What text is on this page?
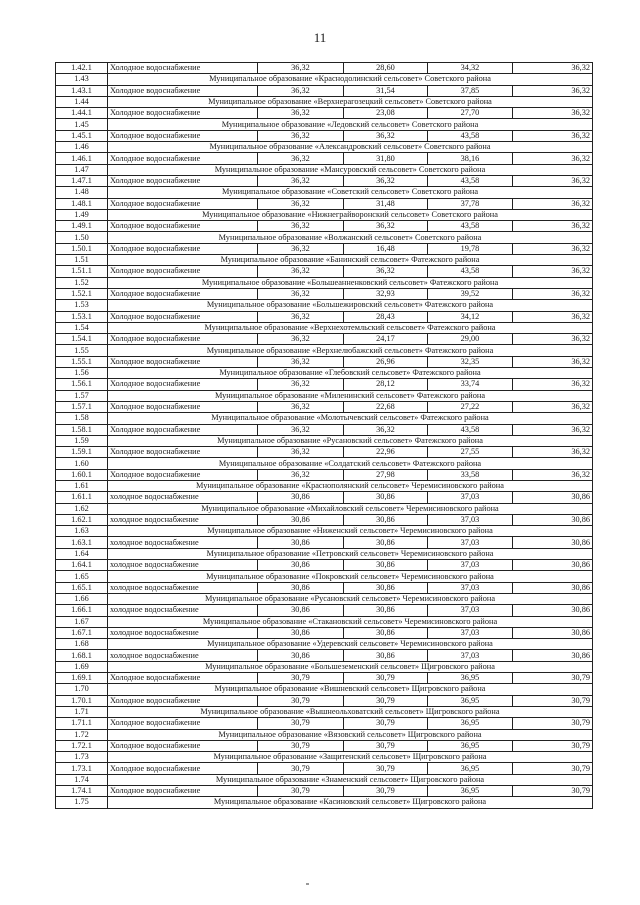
11
1.42.1	Холодное водоснабжение	36,32	28,60	34,32	36,32
1.43	Муниципальное образование «Краснодолинский сельсовет» Советского района				
1.43.1	Холодное водоснабжение	36,32	31,54	37,85	36,32
1.44	Муниципальное образование «Верхнерагозецкий сельсовет» Советского района				
1.44.1	Холодное водоснабжение	36,32	23,08	27,70	36,32
1.45	Муниципальное образование «Ледовский сельсовет» Советского района				
1.45.1	Холодное водоснабжение	36,32	36,32	43,58	36,32
1.46	Муниципальное образование «Александровский сельсовет» Советского района				
1.46.1	Холодное водоснабжение	36,32	31,80	38,16	36,32
1.47	Муниципальное образование «Мансуровский сельсовет» Советского района				
1.47.1	Холодное водоснабжение	36,32	36,32	43,58	36,32
1.48	Муниципальное образование «Советский сельсовет» Советского района				
1.48.1	Холодное водоснабжение	36,32	31,48	37,78	36,32
1.49	Муниципальное образование «Нижнеграйворонский сельсовет» Советского района				
1.49.1	Холодное водоснабжение	36,32	36,32	43,58	36,32
1.50	Муниципальное образование «Волжанский сельсовет» Советского района				
1.50.1	Холодное водоснабжение	36,32	16,48	19,78	36,32
1.51	Муниципальное образование «Банинский сельсовет» Фатежского района				
1.51.1	Холодное водоснабжение	36,32	36,32	43,58	36,32
1.52	Муниципальное образование «Большеанненковский сельсовет» Фатежского района				
1.52.1	Холодное водоснабжение	36,32	32,93	39,52	36,32
1.53	Муниципальное образование «Большежировский сельсовет» Фатежского района				
1.53.1	Холодное водоснабжение	36,32	28,43	34,12	36,32
1.54	Муниципальное образование «Верхнехотемльский сельсовет» Фатежского района				
1.54.1	Холодное водоснабжение	36,32	24,17	29,00	36,32
1.55	Муниципальное образование «Верхнелюбажский сельсовет» Фатежского района				
1.55.1	Холодное водоснабжение	36,32	26,96	32,35	36,32
1.56	Муниципальное образование «Глебовский сельсовет» Фатежского района				
1.56.1	Холодное водоснабжение	36,32	28,12	33,74	36,32
1.57	Муниципальное образование «Миленинский сельсовет» Фатежского района				
1.57.1	Холодное водоснабжение	36,32	22,68	27,22	36,32
1.58	Муниципальное образование «Молотычевский сельсовет» Фатежского района				
1.58.1	Холодное водоснабжение	36,32	36,32	43,58	36,32
1.59	Муниципальное образование «Русановский сельсовет» Фатежского района				
1.59.1	Холодное водоснабжение	36,32	22,96	27,55	36,32
1.60	Муниципальное образование «Солдатский сельсовет» Фатежского района				
1.60.1	Холодное водоснабжение	36,32	27,98	33,58	36,32
1.61	Муниципальное образование «Краснополянский сельсовет» Черемисиновского района				
1.61.1	холодное водоснабжение	30,86	30,86	37,03	30,86
1.62	Муниципальное образование «Михайловский сельсовет» Черемисиновского района				
1.62.1	холодное водоснабжение	30,86	30,86	37,03	30,86
1.63	Муниципальное образование «Ниженский сельсовет» Черемисиновского района				
1.63.1	холодное водоснабжение	30,86	30,86	37,03	30,86
1.64	Муниципальное образование «Петровский сельсовет» Черемисиновского района				
1.64.1	холодное водоснабжение	30,86	30,86	37,03	30,86
1.65	Муниципальное образование «Покровский сельсовет» Черемисиновского района				
1.65.1	холодное водоснабжение	30,86	30,86	37,03	30,86
1.66	Муниципальное образование «Русановский сельсовет» Черемисиновского района				
1.66.1	холодное водоснабжение	30,86	30,86	37,03	30,86
1.67	Муниципальное образование «Стакановский сельсовет» Черемисиновского района				
1.67.1	холодное водоснабжение	30,86	30,86	37,03	30,86
1.68	Муниципальное образование «Удеревский сельсовет» Черемисиновского района				
1.68.1	холодное водоснабжение	30,86	30,86	37,03	30,86
1.69	Муниципальное образование «Большеземенский сельсовет» Щигровского района				
1.69.1	Холодное водоснабжение	30,79	30,79	36,95	30,79
1.70	Муниципальное образование «Вишневский сельсовет» Щигровского района				
1.70.1	Холодное водоснабжение	30,79	30,79	36,95	30,79
1.71	Муниципальное образование «Вышнеольховатский сельсовет» Щигровского района				
1.71.1	Холодное водоснабжение	30,79	30,79	36,95	30,79
1.72	Муниципальное образование «Вязовский сельсовет» Щигровского района				
1.72.1	Холодное водоснабжение	30,79	30,79	36,95	30,79
1.73	Муниципальное образование «Защитенский сельсовет» Щигровского района				
1.73.1	Холодное водоснабжение	30,79	30,79	36,95	30,79
1.74	Муниципальное образование «Знаменский сельсовет» Щигровского района				
1.74.1	Холодное водоснабжение	30,79	30,79	36,95	30,79
1.75	Муниципальное образование «Касиновский сельсовет» Щигровского района				
